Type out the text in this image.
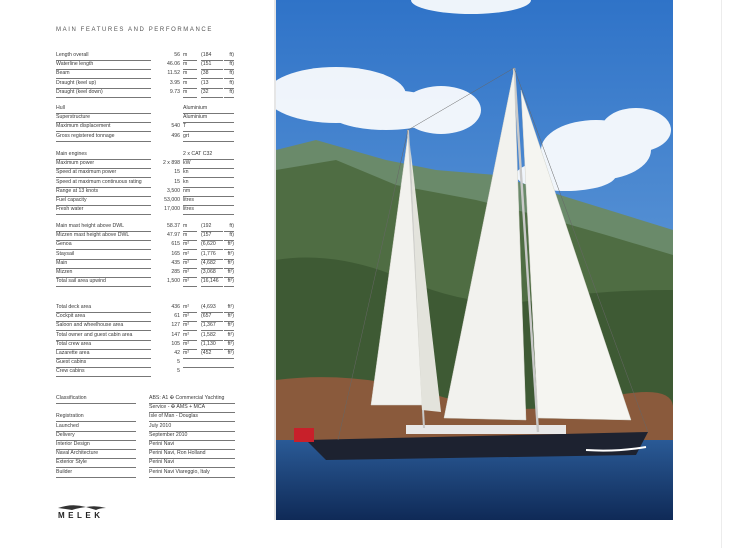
MAIN FEATURES AND PERFORMANCE
Length overall	56 m	(184	ft)
Waterline length	46.06 m	(151	ft)
Beam	11.52 m	(38	ft)
Draught (keel up)	3.95 m	(13	ft)
Draught (keel down)	9.73 m	(32	ft)
Hull	Aluminium
Superstructure	Aluminium
Maximum displacement	540 T
Gross registered tonnage	496 grt
Main engines	2 x CAT C32
Maximum power	2 x 898 kW
Speed at maximum power	15 kn
Speed at maximum continuous rating	15 kn
Range at 13 knots	3,500 nm
Fuel capacity	53,000 litres
Fresh water	17,000 litres
Main mast height above DWL	58.37 m	(192	ft)
Mizzen mast height above DWL	47.97 m	(157	ft)
Genoa	615 m²	(6,620	ft²)
Staysail	165 m²	(1,776	ft²)
Main	435 m²	(4,682	ft²)
Mizzen	285 m²	(3,068	ft²)
Total sail area upwind	1,500 m²	(16,146	ft²)
Total deck area	436 m²	(4,693	ft²)
Cockpit area	61 m²	(657	ft²)
Saloon and wheelhouse area	127 m²	(1,367	ft²)
Total owner and guest cabin area	147 m²	(1,582	ft²)
Total crew area	105 m²	(1,130	ft²)
Lazarette area	42 m²	(452	ft²)
Guest cabins	5
Crew cabins	5
Classification	ABS: A1 ✠ Commercial Yachting
Service - ✠ AMS + MCA
Registration	Isle of Man - Douglas
Launched	July 2010
Delivery	September 2010
Interior Design	Perini Navi
Naval Architecture	Perini Navi, Ron Holland
Exterior Style	Perini Navi
Builder	Perini Navi Viareggio, Italy
MELEK
